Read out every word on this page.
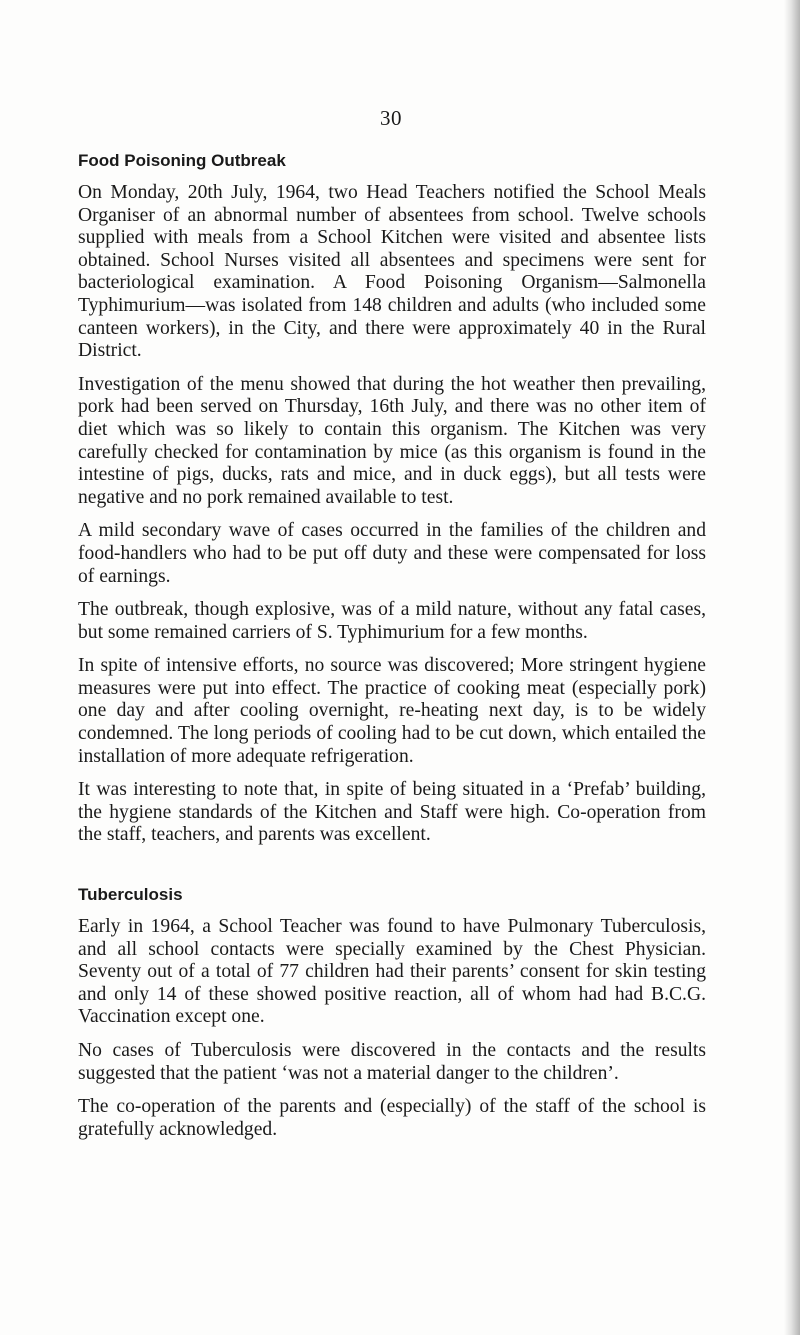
30
Food Poisoning Outbreak

On Monday, 20th July, 1964, two Head Teachers notified the School Meals Organiser of an abnormal number of absentees from school. Twelve schools supplied with meals from a School Kitchen were visited and absentee lists obtained. School Nurses visited all absentees and specimens were sent for bacteriological examination. A Food Poisoning Organism—Salmonella Typhimurium—was isolated from 148 children and adults (who included some canteen workers), in the City, and there were approximately 40 in the Rural District.

Investigation of the menu showed that during the hot weather then prevailing, pork had been served on Thursday, 16th July, and there was no other item of diet which was so likely to contain this organism. The Kitchen was very carefully checked for contamination by mice (as this organism is found in the intestine of pigs, ducks, rats and mice, and in duck eggs), but all tests were negative and no pork remained available to test.

A mild secondary wave of cases occurred in the families of the children and food-handlers who had to be put off duty and these were compensated for loss of earnings.

The outbreak, though explosive, was of a mild nature, without any fatal cases, but some remained carriers of S. Typhimurium for a few months.

In spite of intensive efforts, no source was discovered; More stringent hygiene measures were put into effect. The practice of cooking meat (especially pork) one day and after cooling overnight, re-heating next day, is to be widely condemned. The long periods of cooling had to be cut down, which entailed the installation of more adequate refrigeration.

It was interesting to note that, in spite of being situated in a ‘Prefab’ building, the hygiene standards of the Kitchen and Staff were high. Co-operation from the staff, teachers, and parents was excellent.

Tuberculosis

Early in 1964, a School Teacher was found to have Pulmonary Tuberculosis, and all school contacts were specially examined by the Chest Physician. Seventy out of a total of 77 children had their parents’ consent for skin testing and only 14 of these showed positive reaction, all of whom had had B.C.G. Vaccination except one.

No cases of Tuberculosis were discovered in the contacts and the results suggested that the patient ‘was not a material danger to the children’.

The co-operation of the parents and (especially) of the staff of the school is gratefully acknowledged.
